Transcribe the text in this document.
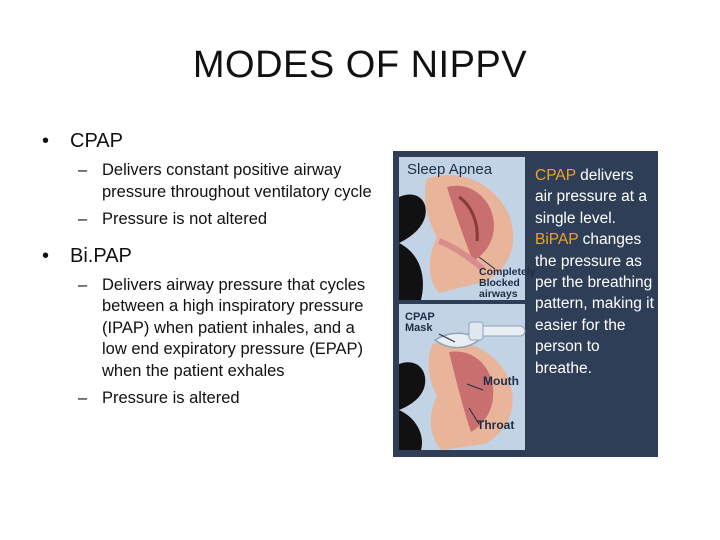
MODES OF NIPPV
• CPAP
– Delivers constant positive airway pressure throughout ventilatory cycle
– Pressure is not altered
• Bi.PAP
– Delivers airway pressure that cycles between a high inspiratory pressure (IPAP) when patient inhales, and a low end expiratory pressure (EPAP) when the patient exhales
– Pressure is altered
Sleep Apnea
Completely Blocked airways
CPAP Mask
Mouth
Throat
CPAP delivers air pressure at a single level. BiPAP changes the pressure as per the breathing pattern, making it easier for the person to breathe.
